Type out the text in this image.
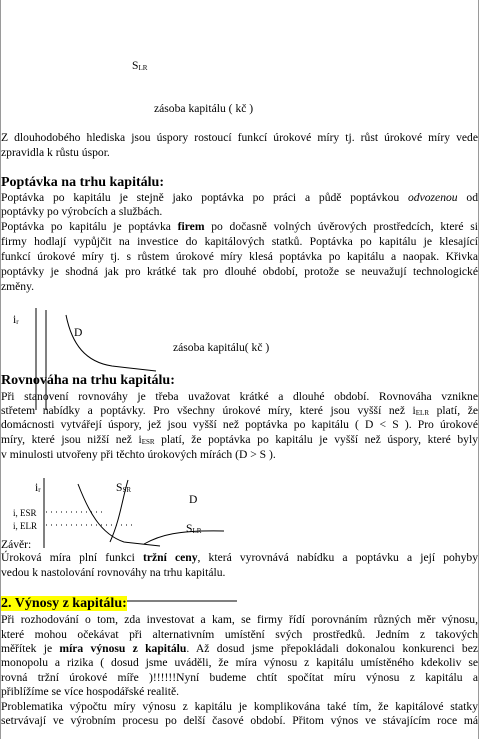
$S_{LR}$
zásoba kapitálu ( kč )
Z dlouhodobého hlediska jsou úspory rostoucí funkcí úrokové míry tj. růst úrokové míry vede
zpravidla k růstu úspor.
Poptávka na trhu kapitálu:
Poptávka po kapitálu je stejně jako poptávka po práci a půdě poptávkou odvozenou od
poptávky po výrobcích a službách.
Poptávka po kapitálu je poptávka firem po dočasně volných úvěrových prostředcích, které si
firmy hodlají vypůjčit na investice do kapitálových statků. Poptávka po kapitálu je klesající
funkcí úrokové míry tj. s růstem úrokové míry klesá poptávka po kapitálu a naopak. Křivka
poptávky je shodná jak pro krátké tak pro dlouhé období, protože se neuvažují technologické
změny.
$i_r$
D
zásoba kapitálu( kč )
Rovnováha na trhu kapitálu:
Při stanovení rovnováhy je třeba uvažovat krátké a dlouhé období. Rovnováha vznikne
střetem nabídky a poptávky. Pro všechny úrokové míry, které jsou vyšší než $i_{ELR}$ platí, že
domácnosti vytvářejí úspory, jež jsou vyšší než poptávka po kapitálu ( D < S ). Pro úrokové
míry, které jsou nižší než $i_{ESR}$ platí, že poptávka po kapitálu je vyšší než úspory, které byly
v minulosti utvořeny při těchto úrokových mírách (D > S ).
$i_r$	$S_{SR}$
D
i, ESR
i, ELR	$S_{LR}$
Závěr:
Úroková míra plní funkci tržní ceny, která vyrovnává nabídku a poptávku a její pohyby
vedou k nastolování rovnováhy na trhu kapitálu.
2. Výnosy z kapitálu:
Při rozhodování o tom, zda investovat a kam, se firmy řídí porovnáním různých měr výnosu,
které mohou očekávat při alternativním umístění svých prostředků. Jedním z takových
měřítek je míra výnosu z kapitálu. Až dosud jsme přepokládali dokonalou konkurenci bez
monopolu a rizika ( dosud jsme uváděli, že míra výnosu z kapitálu umístěného kdekoliv se
rovná tržní úrokové míře )!!!!!!Nyní budeme chtít spočítat míru výnosu z kapitálu a
přiblížíme se více hospodářské realitě.
Problematika výpočtu míry výnosu z kapitálu je komplikována také tím, že kapitálové statky
setrvávají ve výrobním procesu po delší časové období. Přitom výnos ve stávajícím roce má
